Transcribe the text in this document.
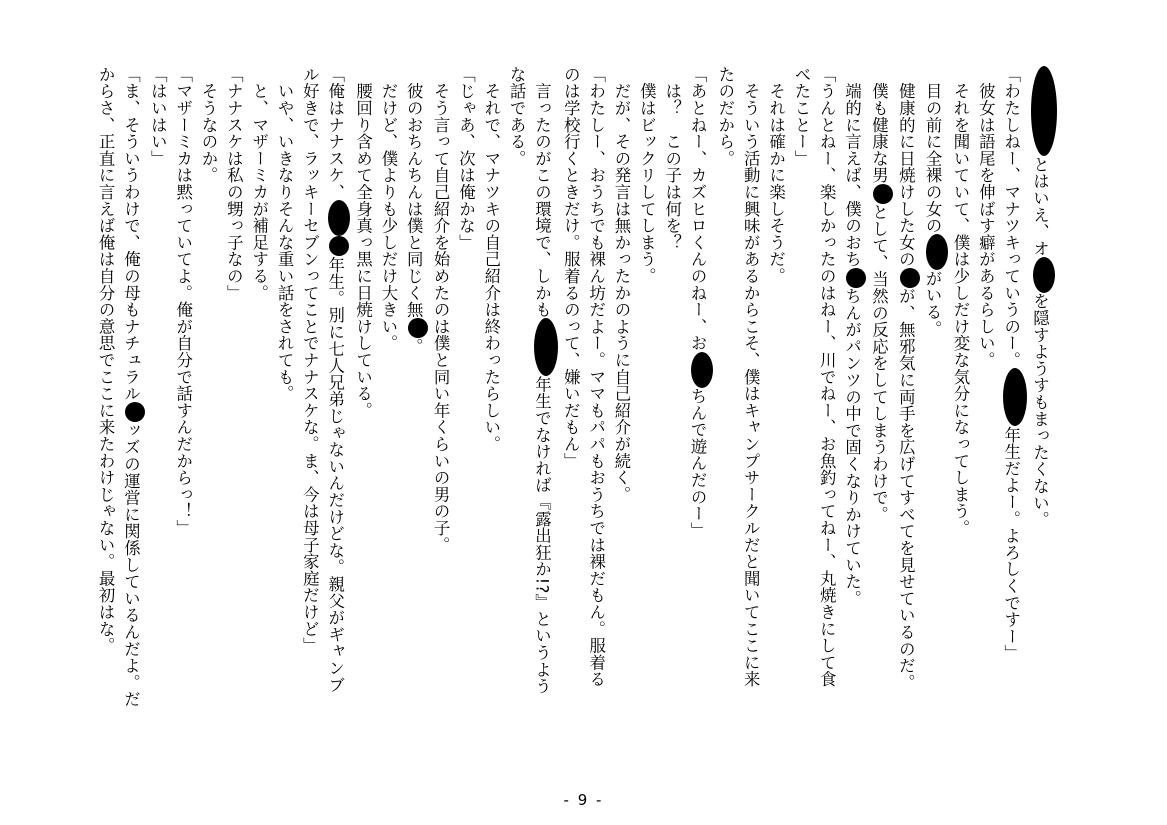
とはいえ、オを隠すようすもまったくない。
「わたしねー、マナツキっていうのー。年生だよー。よろしくですー」
　彼女は語尾を伸ばす癖があるらしい。
　それを聞いていて、僕は少しだけ変な気分になってしまう。
　目の前に全裸の女のがいる。
　健康的に日焼けした女のが、無邪気に両手を広げてすべてを見せているのだ。
　僕も健康な男として、当然の反応をしてしまうわけで。
　端的に言えば、僕のおちちんがパンツの中で固くなりかけていた。
「うんとねー、楽しかったのはねー、川でねー、お魚釣ってねー、丸焼きにして食
べたことー」
　それは確かに楽しそうだ。
　そういう活動に興味があるからこそ、僕はキャンプサークルだと聞いてここに来
たのだから。
「あとねー、カズヒロくんのねー、おちんで遊んだのー」
　は？　この子は何を？
　僕はビックリしてしまう。
　だが、その発言は無かったかのように自己紹介が続く。
「わたしー、おうちでも裸ん坊だよー。ママもパパもおうちでは裸だもん。服着る
のは学校行くときだけ。服着るのって、嫌いだもん」
　言ったのがこの環境で、しかも年生でなければ『露出狂か!?』というよう
な話である。
　それで、マナツキの自己紹介は終わったらしい。
「じゃあ、次は俺かな」
　そう言って自己紹介を始めたのは僕と同い年くらいの男の子。
　彼のおちんちんは僕と同じく無。
　だけど、僕よりも少しだけ大きい。
　腰回り含めて全身真っ黒に日焼けしている。
「俺はナナスケ、年生。別に七人兄弟じゃないんだけどな。親父がギャンブ
ル好きで、ラッキーセブンってことでナナスケな。ま、今は母子家庭だけど」
　いや、いきなりそんな重い話をされても。
　と、マザーミカが補足する。
「ナナスケは私の甥っ子なの」
　そうなのか。
「マザーミカは黙っていてよ。俺が自分で話すんだからっ！」
「はいはい」
「ま、そういうわけで、俺の母もナチュラルッズの運営に関係しているんだよ。だ
からさ、正直に言えば俺は自分の意思でここに来たわけじゃない。最初はな。
- 9 -
